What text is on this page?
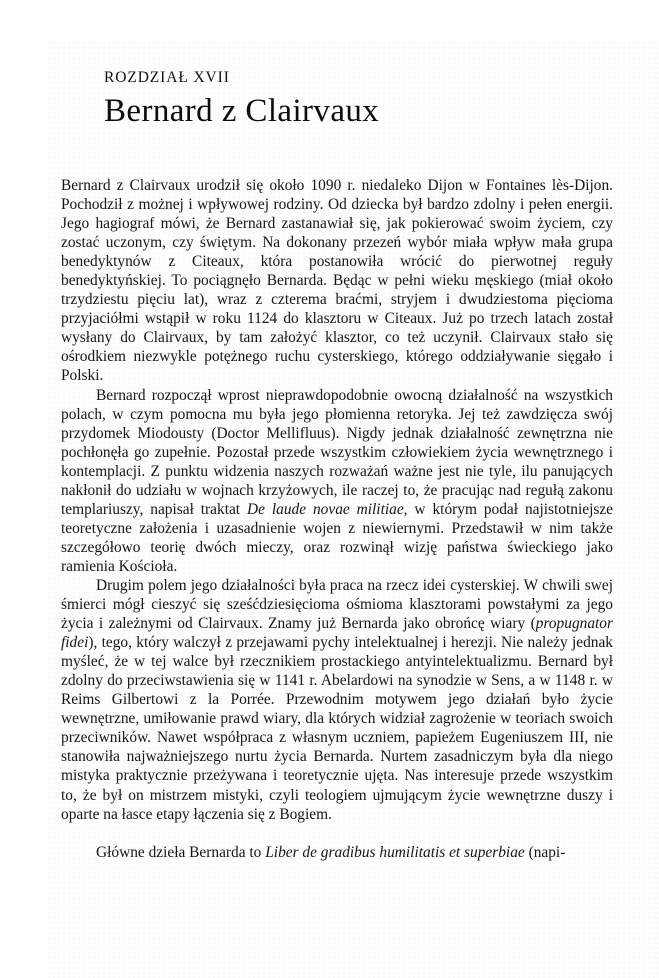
ROZDZIAŁ XVII
Bernard z Clairvaux

Bernard z Clairvaux urodził się około 1090 r. niedaleko Dijon w Fontaines lès-Dijon. Pochodził z możnej i wpływowej rodziny. Od dziecka był bardzo zdolny i pełen energii. Jego hagiograf mówi, że Bernard zastanawiał się, jak pokierować swoim życiem, czy zostać uczonym, czy świętym. Na dokonany przezeń wybór miała wpływ mała grupa benedyktynów z Citeaux, która postanowiła wrócić do pierwotnej reguły benedyktyńskiej. To pociągnęło Bernarda. Będąc w pełni wieku męskiego (miał około trzydziestu pięciu lat), wraz z czterema braćmi, stryjem i dwudziestoma pięcioma przyjaciółmi wstąpił w roku 1124 do klasztoru w Citeaux. Już po trzech latach został wysłany do Clairvaux, by tam założyć klasztor, co też uczynił. Clairvaux stało się ośrodkiem niezwykle potężnego ruchu cysterskiego, którego oddziaływanie sięgało i Polski.

Bernard rozpoczął wprost nieprawdopodobnie owocną działalność na wszystkich polach, w czym pomocna mu była jego płomienna retoryka. Jej też zawdzięcza swój przydomek Miodousty (Doctor Mellifluus). Nigdy jednak działalność zewnętrzna nie pochłonęła go zupełnie. Pozostał przede wszystkim człowiekiem życia wewnętrznego i kontemplacji. Z punktu widzenia naszych rozważań ważne jest nie tyle, ilu panujących nakłonił do udziału w wojnach krzyżowych, ile raczej to, że pracując nad regułą zakonu templariuszy, napisał traktat De laude novae militiae, w którym podał najistotniejsze teoretyczne założenia i uzasadnienie wojen z niewiernymi. Przedstawił w nim także szczegółowo teorię dwóch mieczy, oraz rozwinął wizję państwa świeckiego jako ramienia Kościoła.

Drugim polem jego działalności była praca na rzecz idei cysterskiej. W chwili swej śmierci mógł cieszyć się sześćdziesięcioma ośmioma klasztorami powstałymi za jego życia i zależnymi od Clairvaux. Znamy już Bernarda jako obrońcę wiary (propugnator fidei), tego, który walczył z przejawami pychy intelektualnej i herezji. Nie należy jednak myśleć, że w tej walce był rzecznikiem prostackiego antyintelektualizmu. Bernard był zdolny do przeciwstawienia się w 1141 r. Abelardowi na synodzie w Sens, a w 1148 r. w Reims Gilbertowi z la Porrée. Przewodnim motywem jego działań było życie wewnętrzne, umiłowanie prawd wiary, dla których widział zagrożenie w teoriach swoich przeciwników. Nawet współpraca z własnym uczniem, papieżem Eugeniuszem III, nie stanowiła najważniejszego nurtu życia Bernarda. Nurtem zasadniczym była dla niego mistyka praktycznie przeżywana i teoretycznie ujęta. Nas interesuje przede wszystkim to, że był on mistrzem mistyki, czyli teologiem ujmującym życie wewnętrzne duszy i oparte na łasce etapy łączenia się z Bogiem.

Główne dzieła Bernarda to Liber de gradibus humilitatis et superbiae (napi-
